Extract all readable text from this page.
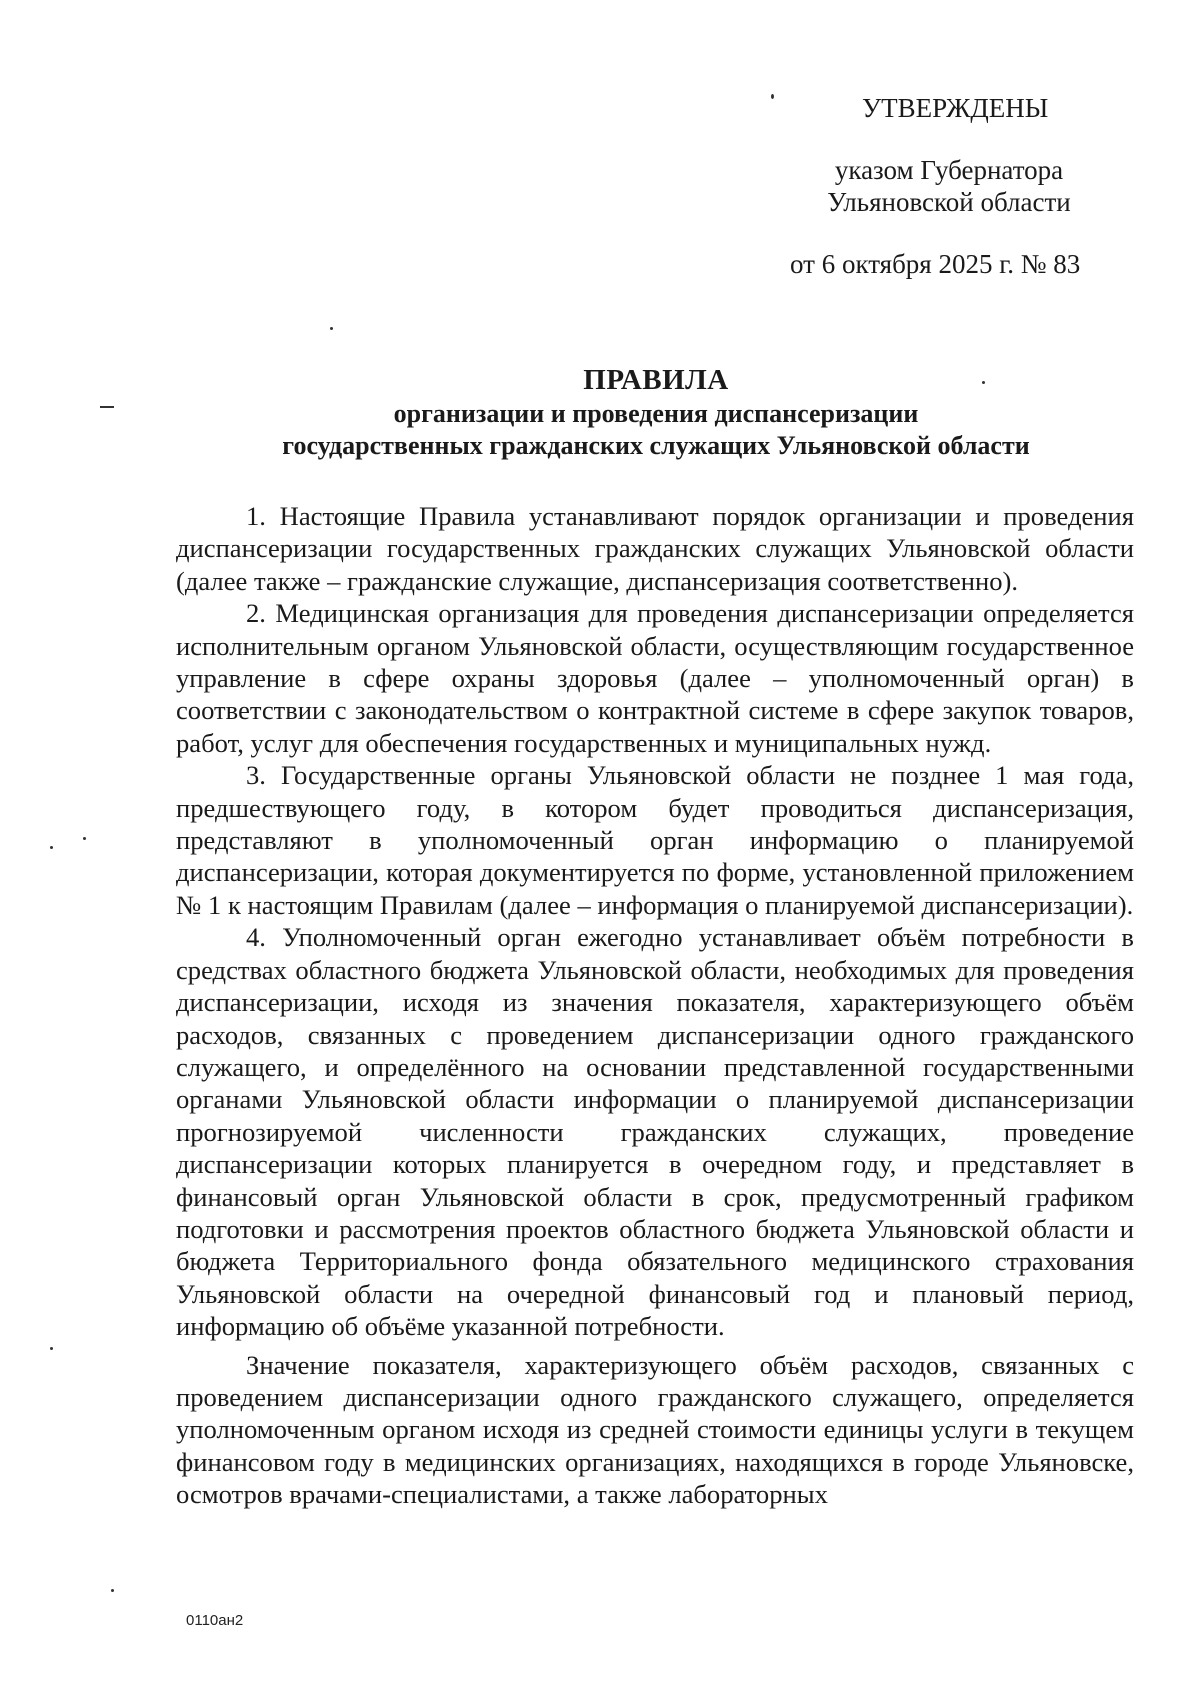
УТВЕРЖДЕНЫ
указом Губернатора
Ульяновской области
от 6 октября 2025 г. № 83
ПРАВИЛА
организации и проведения диспансеризации
государственных гражданских служащих Ульяновской области

1. Настоящие Правила устанавливают порядок организации и проведения диспансеризации государственных гражданских служащих Ульяновской области (далее также – гражданские служащие, диспансеризация соответственно).

2. Медицинская организация для проведения диспансеризации определяется исполнительным органом Ульяновской области, осуществляющим государственное управление в сфере охраны здоровья (далее – уполномоченный орган) в соответствии с законодательством о контрактной системе в сфере закупок товаров, работ, услуг для обеспечения государственных и муниципальных нужд.

3. Государственные органы Ульяновской области не позднее 1 мая года, предшествующего году, в котором будет проводиться диспансеризация, представляют в уполномоченный орган информацию о планируемой диспансеризации, которая документируется по форме, установленной приложением № 1 к настоящим Правилам (далее – информация о планируемой диспансеризации).

4. Уполномоченный орган ежегодно устанавливает объём потребности в средствах областного бюджета Ульяновской области, необходимых для проведения диспансеризации, исходя из значения показателя, характеризующего объём расходов, связанных с проведением диспансеризации одного гражданского служащего, и определённого на основании представленной государственными органами Ульяновской области информации о планируемой диспансеризации прогнозируемой численности гражданских служащих, проведение диспансеризации которых планируется в очередном году, и представляет в финансовый орган Ульяновской области в срок, предусмотренный графиком подготовки и рассмотрения проектов областного бюджета Ульяновской области и бюджета Территориального фонда обязательного медицинского страхования Ульяновской области на очередной финансовый год и плановый период, информацию об объёме указанной потребности.

Значение показателя, характеризующего объём расходов, связанных с проведением диспансеризации одного гражданского служащего, определяется уполномоченным органом исходя из средней стоимости единицы услуги в текущем финансовом году в медицинских организациях, находящихся в городе Ульяновске, осмотров врачами-специалистами, а также лабораторных

0110ан2
